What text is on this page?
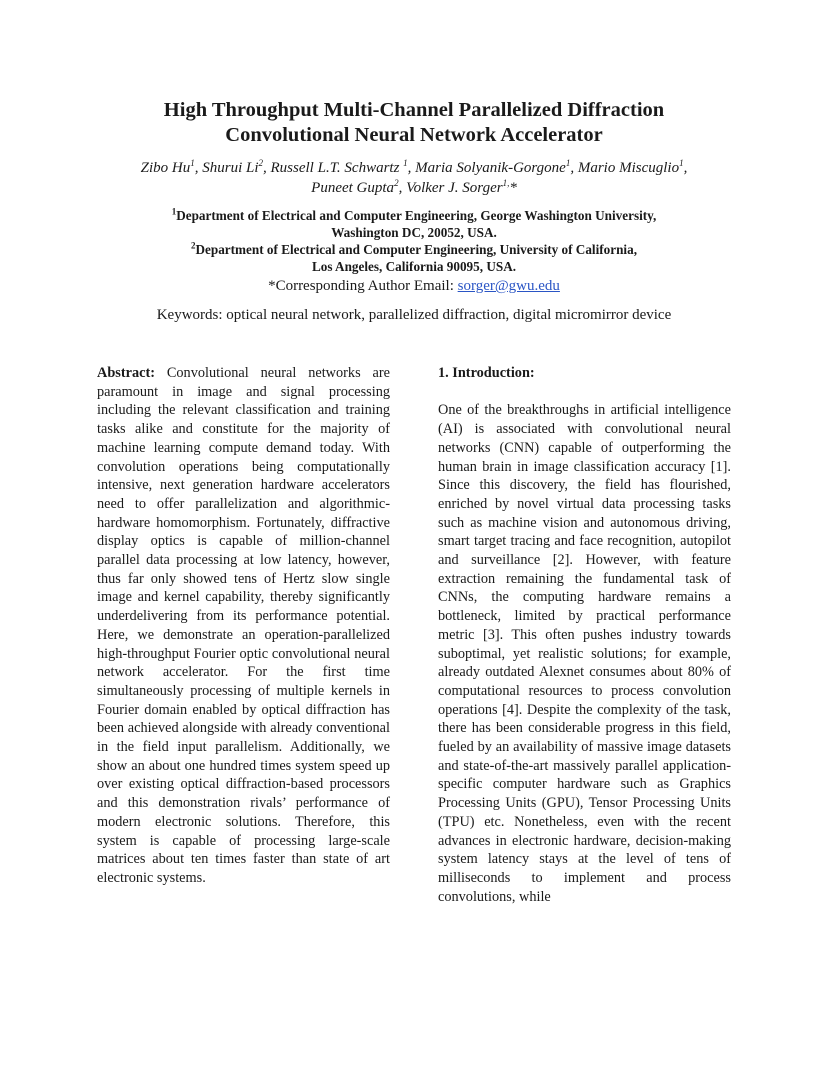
High Throughput Multi-Channel Parallelized Diffraction
Convolutional Neural Network Accelerator
Zibo Hu$^1$, Shurui Li$^2$, Russell L.T. Schwartz $^1$, Maria Solyanik-Gorgone$^1$, Mario Miscuglio$^1$,
Puneet Gupta$^2$, Volker J. Sorger$^{1,}$*
$^1$Department of Electrical and Computer Engineering, George Washington University,
Washington DC, 20052, USA.
$^2$Department of Electrical and Computer Engineering, University of California,
Los Angeles, California 90095, USA.
*Corresponding Author Email: sorger@gwu.edu
Keywords: optical neural network, parallelized diffraction, digital micromirror device
Abstract: Convolutional neural networks are paramount in image and signal processing including the relevant classification and training tasks alike and constitute for the majority of machine learning compute demand today. With convolution operations being computationally intensive, next generation hardware accelerators need to offer parallelization and algorithmic-hardware homomorphism. Fortunately, diffractive display optics is capable of million-channel parallel data processing at low latency, however, thus far only showed tens of Hertz slow single image and kernel capability, thereby significantly underdelivering from its performance potential. Here, we demonstrate an operation-parallelized high-throughput Fourier optic convolutional neural network accelerator. For the first time simultaneously processing of multiple kernels in Fourier domain enabled by optical diffraction has been achieved alongside with already conventional in the field input parallelism. Additionally, we show an about one hundred times system speed up over existing optical diffraction-based processors and this demonstration rivals’ performance of modern electronic solutions. Therefore, this system is capable of processing large-scale matrices about ten times faster than state of art electronic systems.

1. Introduction:

One of the breakthroughs in artificial intelligence (AI) is associated with convolutional neural networks (CNN) capable of outperforming the human brain in image classification accuracy [1]. Since this discovery, the field has flourished, enriched by novel virtual data processing tasks such as machine vision and autonomous driving, smart target tracing and face recognition, autopilot and surveillance [2]. However, with feature extraction remaining the fundamental task of CNNs, the computing hardware remains a bottleneck, limited by practical performance metric [3]. This often pushes industry towards suboptimal, yet realistic solutions; for example, already outdated Alexnet consumes about 80% of computational resources to process convolution operations [4]. Despite the complexity of the task, there has been considerable progress in this field, fueled by an availability of massive image datasets and state-of-the-art massively parallel application-specific computer hardware such as Graphics Processing Units (GPU), Tensor Processing Units (TPU) etc. Nonetheless, even with the recent advances in electronic hardware, decision-making system latency stays at the level of tens of milliseconds to implement and process convolutions, while
